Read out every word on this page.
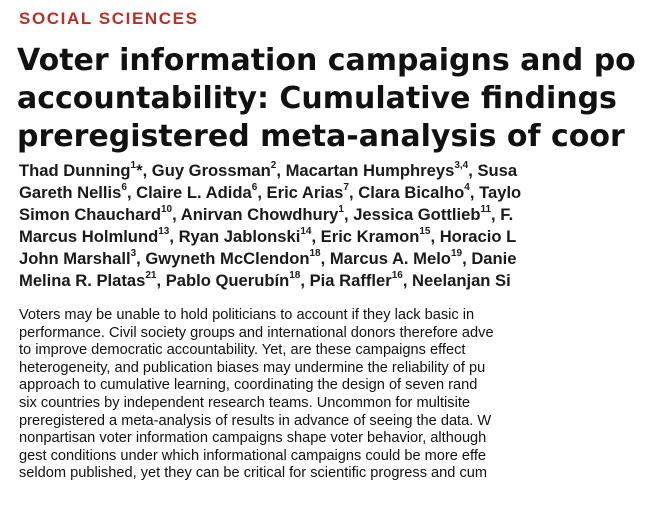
SOCIAL SCIENCES
Voter information campaigns and po
accountability: Cumulative findings
preregistered meta-analysis of coor
Thad Dunning$^1$*, Guy Grossman$^2$, Macartan Humphreys$^{3,4}$, Susa
Gareth Nellis$^6$, Claire L. Adida$^6$, Eric Arias$^7$, Clara Bicalho$^4$, Taylo
Simon Chauchard$^{10}$, Anirvan Chowdhury$^1$, Jessica Gottlieb$^{11}$, F.
Marcus Holmlund$^{13}$, Ryan Jablonski$^{14}$, Eric Kramon$^{15}$, Horacio L
John Marshall$^3$, Gwyneth McClendon$^{18}$, Marcus A. Melo$^{19}$, Danie
Melina R. Platas$^{21}$, Pablo Querubín$^{18}$, Pia Raffler$^{16}$, Neelanjan Si
Voters may be unable to hold politicians to account if they lack basic in
performance. Civil society groups and international donors therefore adve
to improve democratic accountability. Yet, are these campaigns effect
heterogeneity, and publication biases may undermine the reliability of pu
approach to cumulative learning, coordinating the design of seven rand
six countries by independent research teams. Uncommon for multisite
preregistered a meta-analysis of results in advance of seeing the data. W
nonpartisan voter information campaigns shape voter behavior, although
gest conditions under which informational campaigns could be more effe
seldom published, yet they can be critical for scientific progress and cum
